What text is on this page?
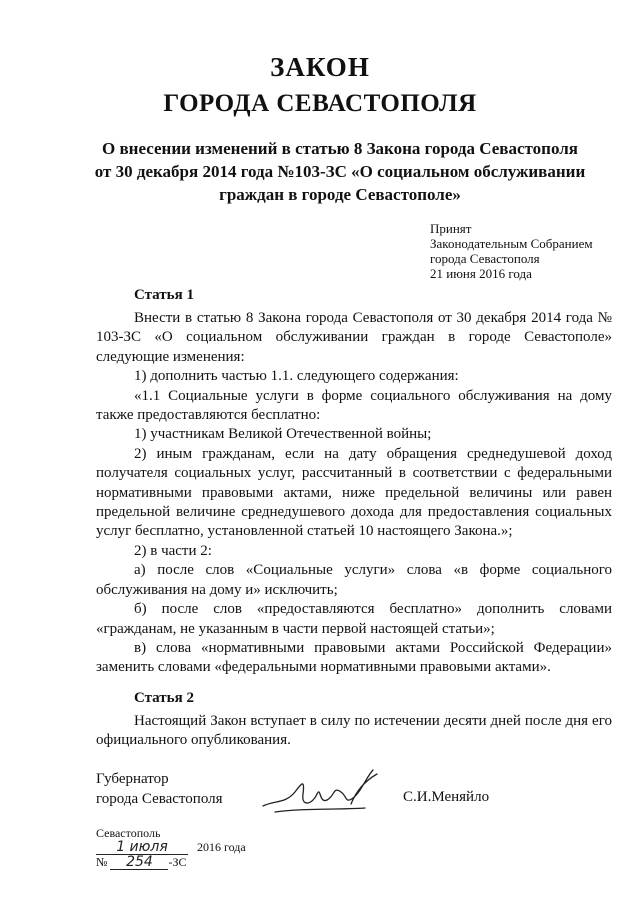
ЗАКОН
ГОРОДА СЕВАСТОПОЛЯ
О внесении изменений в статью 8 Закона города Севастополя
от 30 декабря 2014 года №103-ЗС «О социальном обслуживании
граждан в городе Севастополе»
Принят
Законодательным Собранием
города Севастополя
21 июня 2016 года
Статья 1

Внести в статью 8 Закона города Севастополя от 30 декабря 2014 года № 103-ЗС «О социальном обслуживании граждан в городе Севастополе» следующие изменения:

1) дополнить частью 1.1. следующего содержания:

«1.1 Социальные услуги в форме социального обслуживания на дому также предоставляются бесплатно:

1) участникам Великой Отечественной войны;

2) иным гражданам, если на дату обращения среднедушевой доход получателя социальных услуг, рассчитанный в соответствии с федеральными нормативными правовыми актами, ниже предельной величины или равен предельной величине среднедушевого дохода для предоставления социальных услуг бесплатно, установленной статьей 10 настоящего Закона.»;

2) в части 2:

а) после слов «Социальные услуги» слова «в форме социального обслуживания на дому и» исключить;

б) после слов «предоставляются бесплатно» дополнить словами «гражданам, не указанным в части первой настоящей статьи»;

в) слова «нормативными правовыми актами Российской Федерации» заменить словами «федеральными нормативными правовыми актами».

Статья 2

Настоящий Закон вступает в силу по истечении десяти дней после дня его официального опубликования.

Губернатор
города Севастополя	С.И.Меняйло
Севастополь
1 июля 2016 года
№ 254 -ЗС
